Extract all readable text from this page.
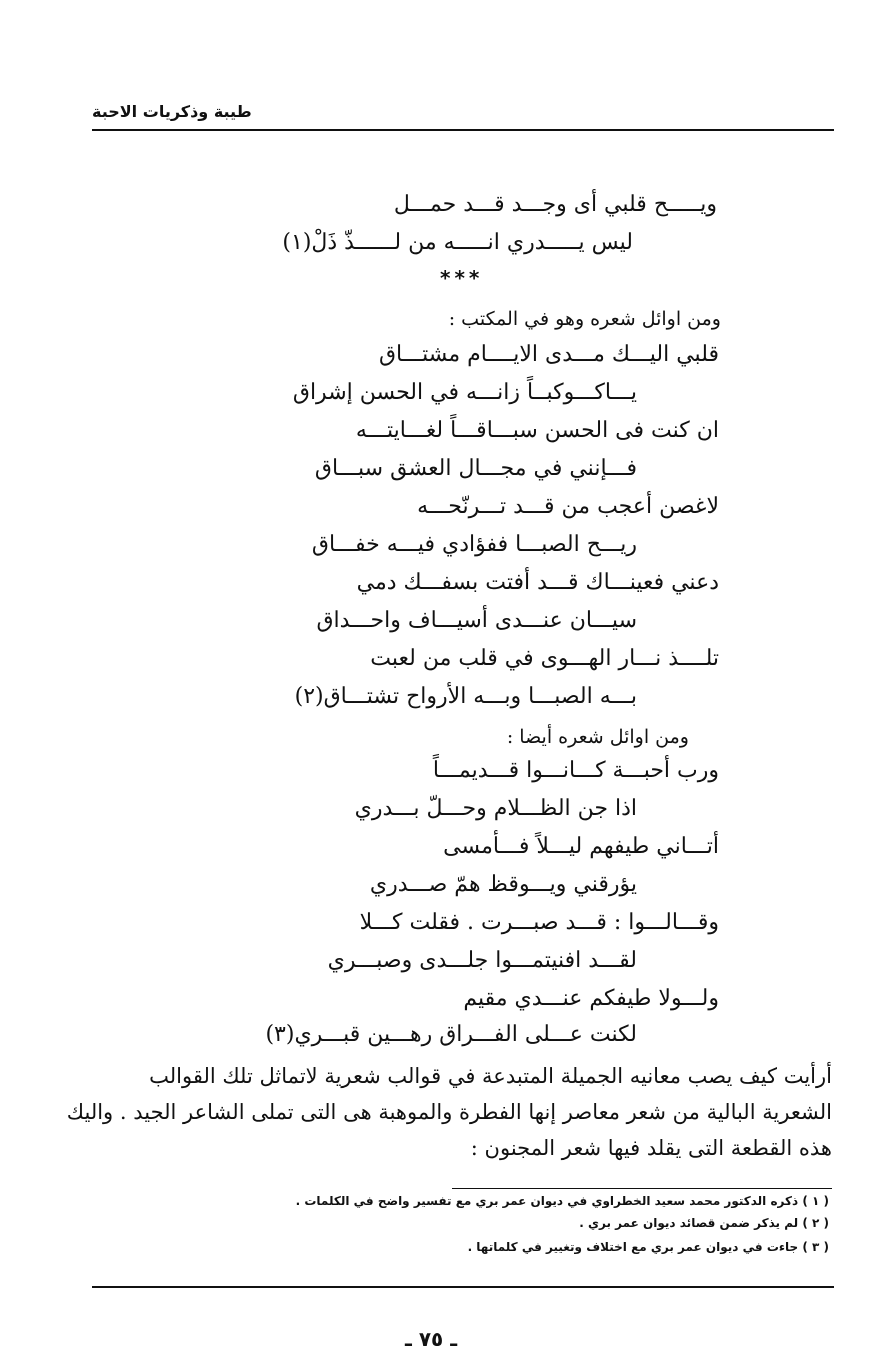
طيبة وذكريات الاحبة
ويـــــح قلبي أى وجـــد قـــد حمـــل
ليس يـــــدري انـــــه من لــــــذّ ذَلْ(١)
***
ومن اوائل شعره وهو في المكتب :
قلبي اليـــك مـــدى الايــــام مشتـــاق
يـــاكـــوكبــاً زانـــه في الحسن إشراق
ان كنت فى الحسن سبـــاقـــاً لغـــايتـــه
فـــإنني في مجـــال العشق سبـــاق
لاغصن أعجب من قـــد تـــرنّحـــه
ريـــح الصبـــا ففؤادي فيـــه خفـــاق
دعني فعينـــاك قـــد أفتت بسفـــك دمي
سيـــان عنـــدى أسيـــاف واحـــداق
تلــــذ نـــار الهـــوى في قلب من لعبت
بـــه الصبـــا وبـــه الأرواح تشتـــاق(٢)
ومن اوائل شعره أيضا :
ورب أحبـــة كـــانـــوا قـــديمـــاً
اذا جن الظـــلام وحـــلّ بـــدري
أتـــاني طيفهم ليـــلاً فـــأمسى
يؤرقني ويـــوقظ همّ صـــدري
وقـــالـــوا : قـــد صبـــرت . فقلت كـــلا
لقـــد افنيتمـــوا جلـــدى وصبـــري
ولـــولا طيفكم عنـــدي مقيم
لكنت عـــلى الفـــراق رهـــين قبـــري(٣)
أرأيت كيف يصب معانيه الجميلة المتبدعة في قوالب شعرية لاتماثل تلك القوالب
الشعرية البالية من شعر معاصر إنها الفطرة والموهبة هى التى تملى الشاعر الجيد . واليك
هذه القطعة التى يقلد فيها شعر المجنون :
( ١ ) ذكره الدكتور محمد سعيد الخطراوي في ديوان عمر بري مع تفسير واضح في الكلمات .
( ٢ ) لم يذكر ضمن قصائد ديوان عمر بري .
( ٣ ) جاءت في ديوان عمر بري مع اختلاف وتغيير في كلماتها .
ـ ٧٥ ـ
